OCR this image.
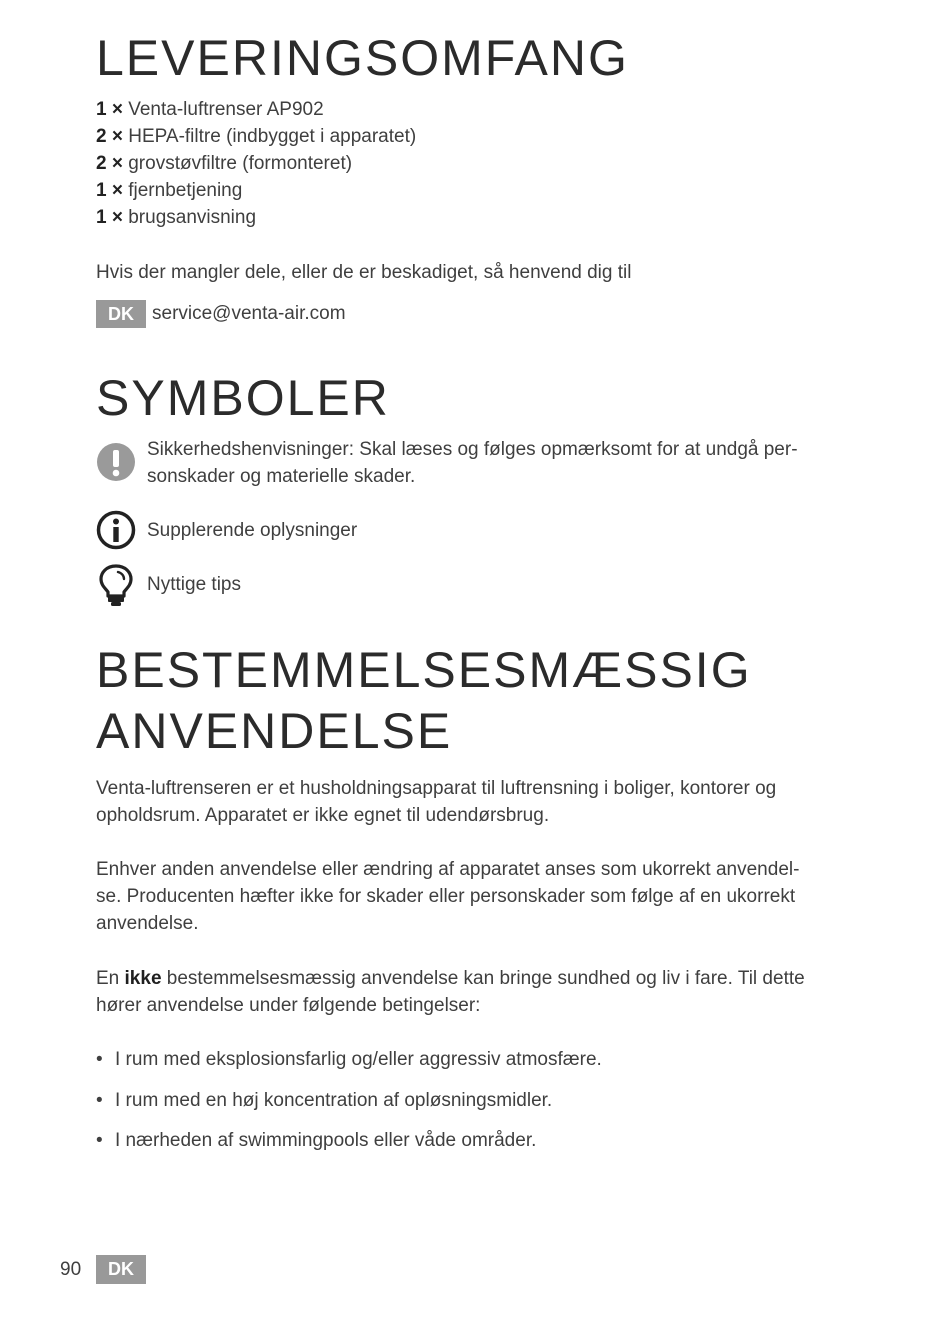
LEVERINGSOMFANG
1 × Venta-luftrenser AP902
2 × HEPA-filtre (indbygget i apparatet)
2 × grovstøvfiltre (formonteret)
1 × fjernbetjening
1 × brugsanvisning
Hvis der mangler dele, eller de er beskadiget, så henvend dig til
DK service@venta-air.com
SYMBOLER
Sikkerhedshenvisninger: Skal læses og følges opmærksomt for at undgå per-
sonskader og materielle skader.
Supplerende oplysninger
Nyttige tips
BESTEMMELSESMÆSSIG
ANVENDELSE
Venta-luftrenseren er et husholdningsapparat til luftrensning i boliger, kontorer og
opholdsrum. Apparatet er ikke egnet til udendørsbrug.
Enhver anden anvendelse eller ændring af apparatet anses som ukorrekt anvendel-
se. Producenten hæfter ikke for skader eller personskader som følge af en ukorrekt
anvendelse.
En ikke bestemmelsesmæssig anvendelse kan bringe sundhed og liv i fare. Til dette
hører anvendelse under følgende betingelser:
• I rum med eksplosionsfarlig og/eller aggressiv atmosfære.
• I rum med en høj koncentration af opløsningsmidler.
• I nærheden af swimmingpools eller våde områder.
90	DK
